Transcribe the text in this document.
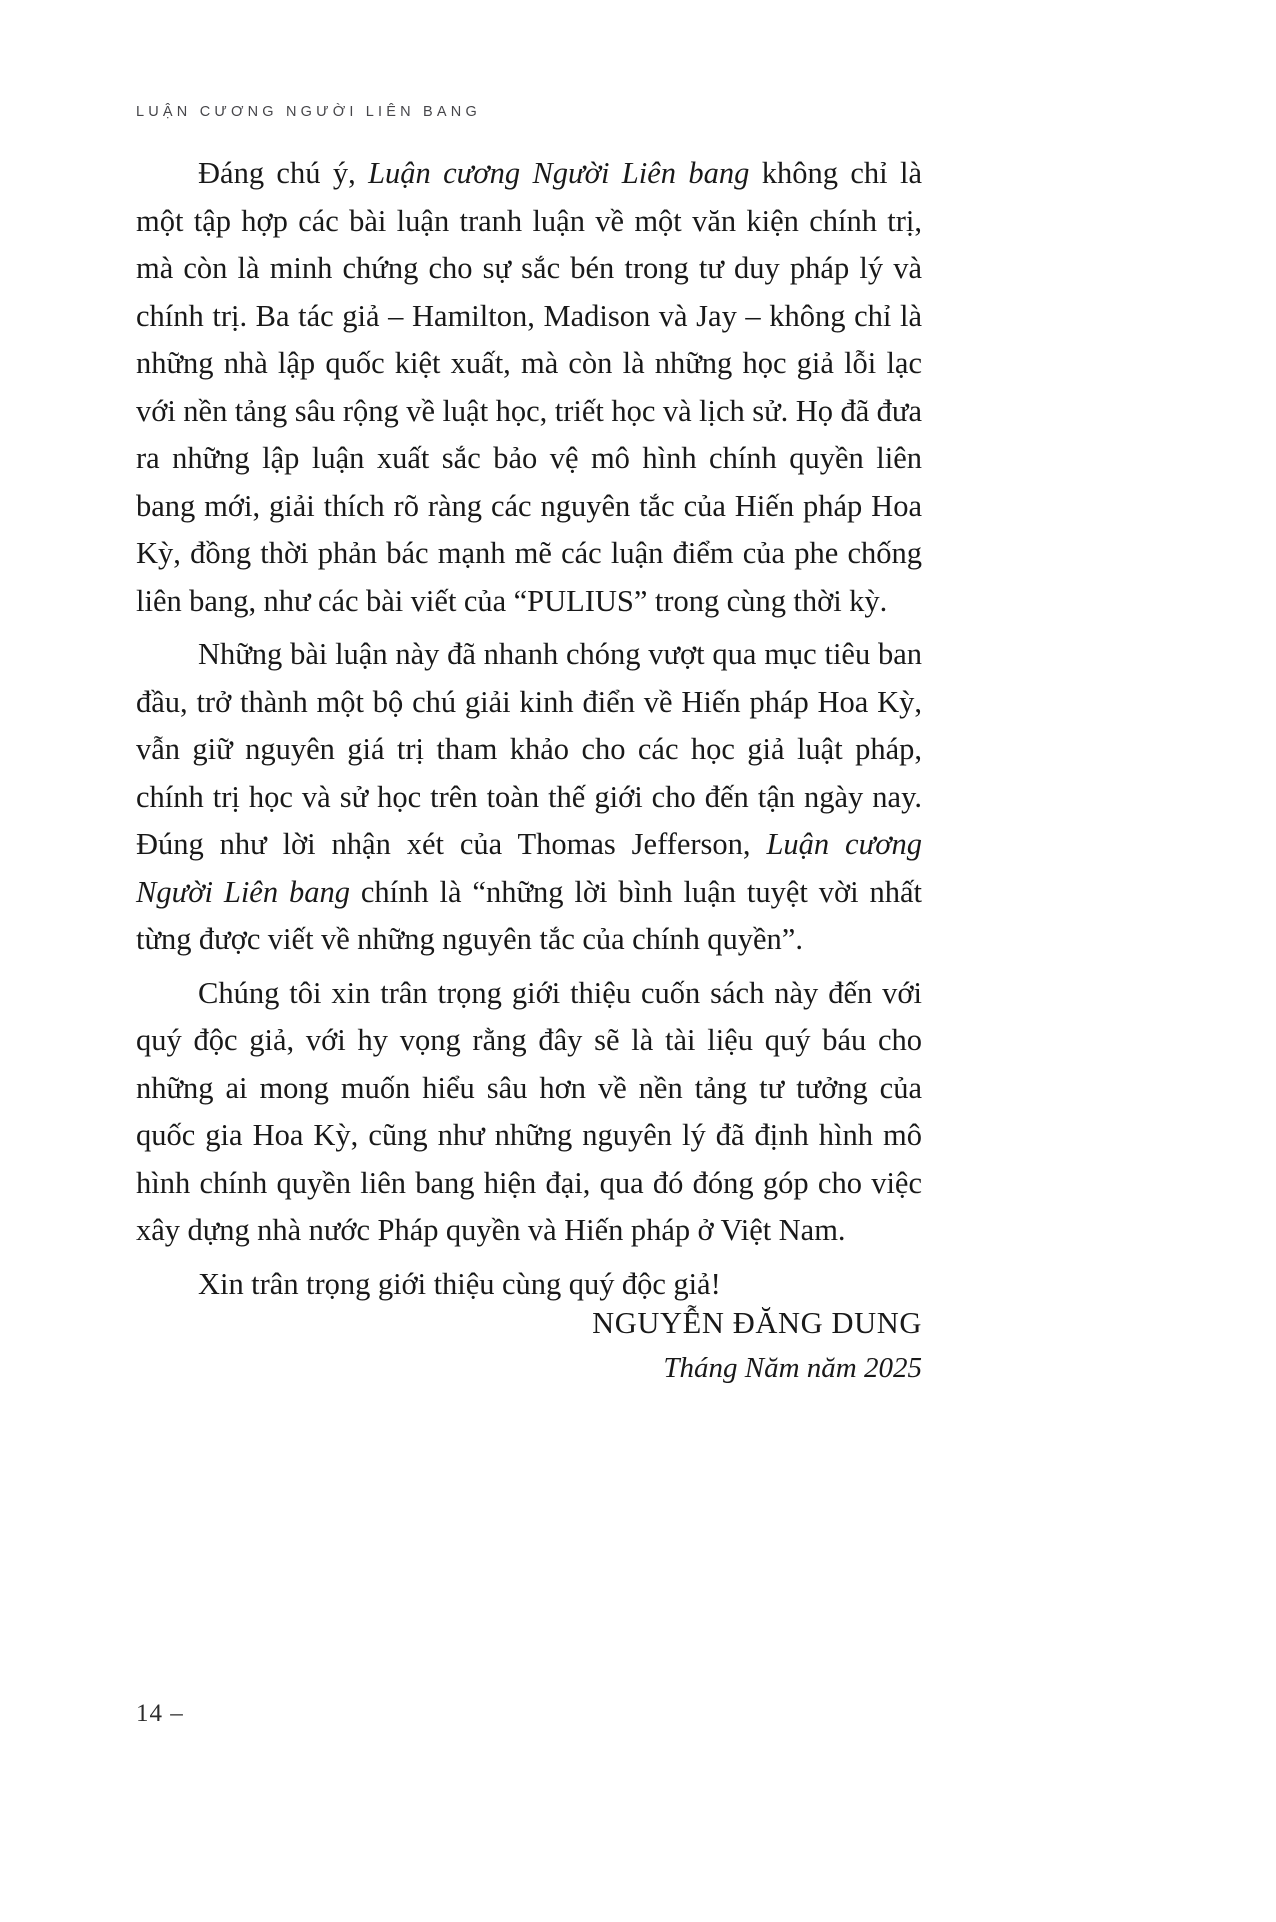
LUẬN CƯƠNG NGƯỜI LIÊN BANG

Đáng chú ý, Luận cương Người Liên bang không chỉ là một tập hợp các bài luận tranh luận về một văn kiện chính trị, mà còn là minh chứng cho sự sắc bén trong tư duy pháp lý và chính trị. Ba tác giả – Hamilton, Madison và Jay – không chỉ là những nhà lập quốc kiệt xuất, mà còn là những học giả lỗi lạc với nền tảng sâu rộng về luật học, triết học và lịch sử. Họ đã đưa ra những lập luận xuất sắc bảo vệ mô hình chính quyền liên bang mới, giải thích rõ ràng các nguyên tắc của Hiến pháp Hoa Kỳ, đồng thời phản bác mạnh mẽ các luận điểm của phe chống liên bang, như các bài viết của “PULIUS” trong cùng thời kỳ.

Những bài luận này đã nhanh chóng vượt qua mục tiêu ban đầu, trở thành một bộ chú giải kinh điển về Hiến pháp Hoa Kỳ, vẫn giữ nguyên giá trị tham khảo cho các học giả luật pháp, chính trị học và sử học trên toàn thế giới cho đến tận ngày nay. Đúng như lời nhận xét của Thomas Jefferson, Luận cương Người Liên bang chính là “những lời bình luận tuyệt vời nhất từng được viết về những nguyên tắc của chính quyền”.

Chúng tôi xin trân trọng giới thiệu cuốn sách này đến với quý độc giả, với hy vọng rằng đây sẽ là tài liệu quý báu cho những ai mong muốn hiểu sâu hơn về nền tảng tư tưởng của quốc gia Hoa Kỳ, cũng như những nguyên lý đã định hình mô hình chính quyền liên bang hiện đại, qua đó đóng góp cho việc xây dựng nhà nước Pháp quyền và Hiến pháp ở Việt Nam.

Xin trân trọng giới thiệu cùng quý độc giả!

NGUYỄN ĐĂNG DUNG
Tháng Năm năm 2025
14 –
